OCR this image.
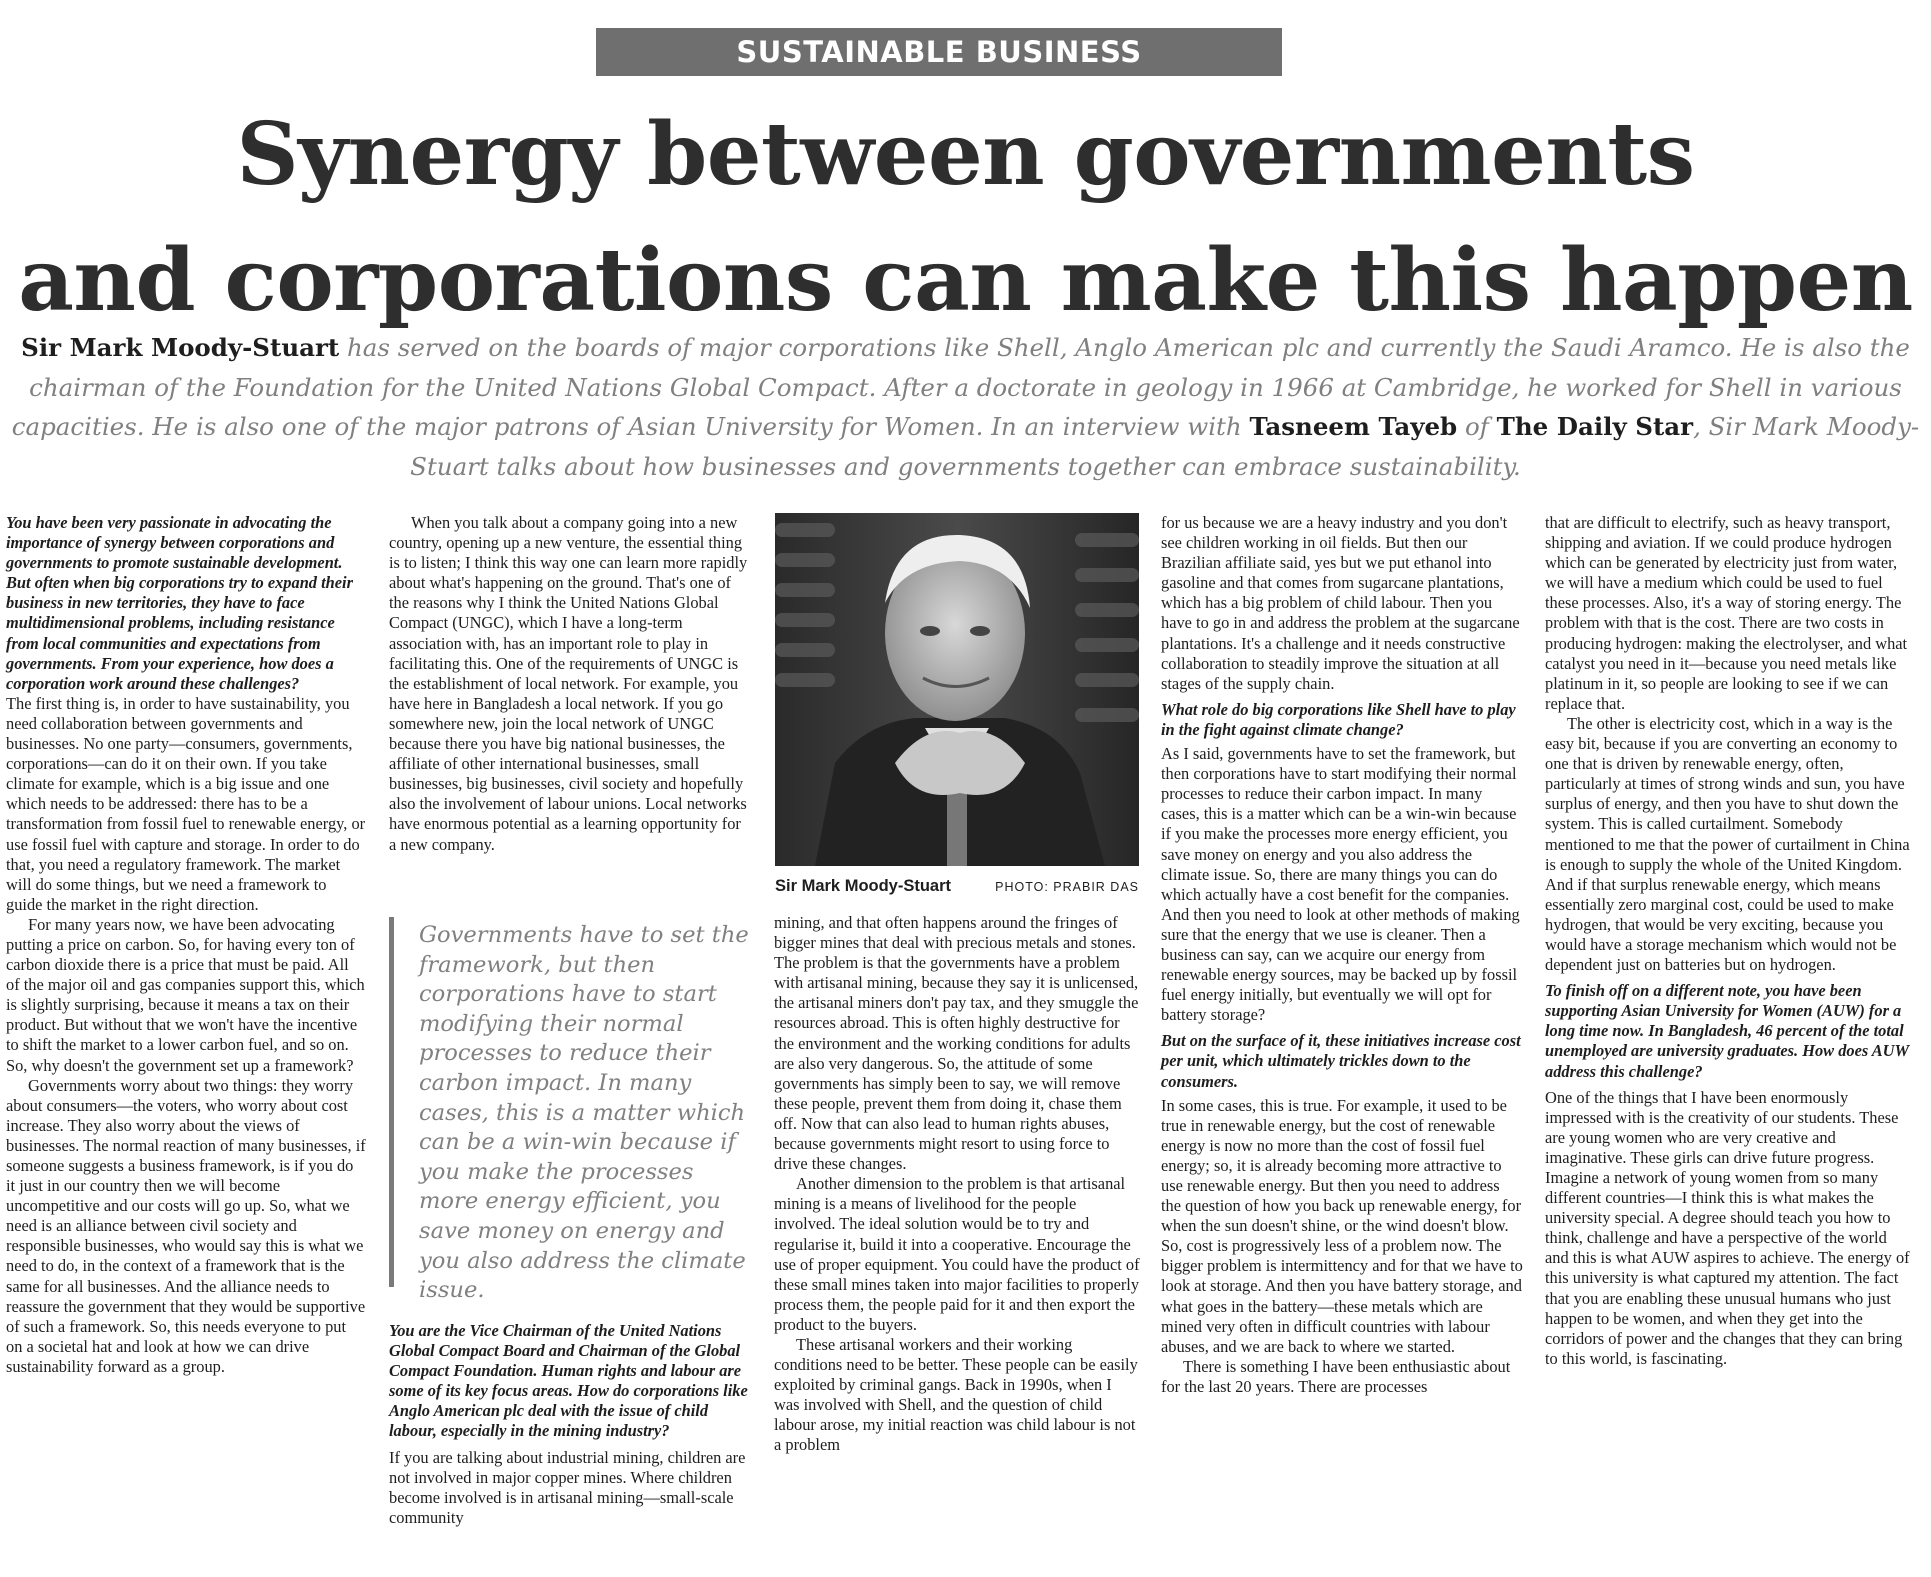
SUSTAINABLE BUSINESS
Synergy between governments
and corporations can make this happen
Sir Mark Moody-Stuart has served on the boards of major corporations like Shell, Anglo American plc and currently the Saudi Aramco. He is also the chairman of the Foundation for the United Nations Global Compact. After a doctorate in geology in 1966 at Cambridge, he worked for Shell in various capacities. He is also one of the major patrons of Asian University for Women. In an interview with Tasneem Tayeb of The Daily Star, Sir Mark Moody-Stuart talks about how businesses and governments together can embrace sustainability.

You have been very passionate in advocating the importance of synergy between corporations and governments to promote sustainable development. But often when big corporations try to expand their business in new territories, they have to face multidimensional problems, including resistance from local communities and expectations from governments. From your experience, how does a corporation work around these challenges?

The first thing is, in order to have sustainability, you need collaboration between governments and businesses. No one party—consumers, governments, corporations—can do it on their own. If you take climate for example, which is a big issue and one which needs to be addressed: there has to be a transformation from fossil fuel to renewable energy, or use fossil fuel with capture and storage. In order to do that, you need a regulatory framework. The market will do some things, but we need a framework to guide the market in the right direction.

For many years now, we have been advocating putting a price on carbon. So, for having every ton of carbon dioxide there is a price that must be paid. All of the major oil and gas companies support this, which is slightly surprising, because it means a tax on their product. But without that we won't have the incentive to shift the market to a lower carbon fuel, and so on. So, why doesn't the government set up a framework?

Governments worry about two things: they worry about consumers—the voters, who worry about cost increase. They also worry about the views of businesses. The normal reaction of many businesses, if someone suggests a business framework, is if you do it just in our country then we will become uncompetitive and our costs will go up. So, what we need is an alliance between civil society and responsible businesses, who would say this is what we need to do, in the context of a framework that is the same for all businesses. And the alliance needs to reassure the government that they would be supportive of such a framework. So, this needs everyone to put on a societal hat and look at how we can drive sustainability forward as a group.

When you talk about a company going into a new country, opening up a new venture, the essential thing is to listen; I think this way one can learn more rapidly about what's happening on the ground. That's one of the reasons why I think the United Nations Global Compact (UNGC), which I have a long-term association with, has an important role to play in facilitating this. One of the requirements of UNGC is the establishment of local network. For example, you have here in Bangladesh a local network. If you go somewhere new, join the local network of UNGC because there you have big national businesses, the affiliate of other international businesses, small businesses, big businesses, civil society and hopefully also the involvement of labour unions. Local networks have enormous potential as a learning opportunity for a new company.

Governments have to set the framework, but then corporations have to start modifying their normal processes to reduce their carbon impact. In many cases, this is a matter which can be a win-win because if you make the processes more energy efficient, you save money on energy and you also address the climate issue.

You are the Vice Chairman of the United Nations Global Compact Board and Chairman of the Global Compact Foundation. Human rights and labour are some of its key focus areas. How do corporations like Anglo American plc deal with the issue of child labour, especially in the mining industry?

If you are talking about industrial mining, children are not involved in major copper mines. Where children become involved is in artisanal mining—small-scale community

Sir Mark Moody-Stuart	PHOTO: PRABIR DAS

mining, and that often happens around the fringes of bigger mines that deal with precious metals and stones. The problem is that the governments have a problem with artisanal mining, because they say it is unlicensed, the artisanal miners don't pay tax, and they smuggle the resources abroad. This is often highly destructive for the environment and the working conditions for adults are also very dangerous. So, the attitude of some governments has simply been to say, we will remove these people, prevent them from doing it, chase them off. Now that can also lead to human rights abuses, because governments might resort to using force to drive these changes.

Another dimension to the problem is that artisanal mining is a means of livelihood for the people involved. The ideal solution would be to try and regularise it, build it into a cooperative. Encourage the use of proper equipment. You could have the product of these small mines taken into major facilities to properly process them, the people paid for it and then export the product to the buyers.

These artisanal workers and their working conditions need to be better. These people can be easily exploited by criminal gangs. Back in 1990s, when I was involved with Shell, and the question of child labour arose, my initial reaction was child labour is not a problem

for us because we are a heavy industry and you don't see children working in oil fields. But then our Brazilian affiliate said, yes but we put ethanol into gasoline and that comes from sugarcane plantations, which has a big problem of child labour. Then you have to go in and address the problem at the sugarcane plantations. It's a challenge and it needs constructive collaboration to steadily improve the situation at all stages of the supply chain.

What role do big corporations like Shell have to play in the fight against climate change?

As I said, governments have to set the framework, but then corporations have to start modifying their normal processes to reduce their carbon impact. In many cases, this is a matter which can be a win-win because if you make the processes more energy efficient, you save money on energy and you also address the climate issue. So, there are many things you can do which actually have a cost benefit for the companies. And then you need to look at other methods of making sure that the energy that we use is cleaner. Then a business can say, can we acquire our energy from renewable energy sources, may be backed up by fossil fuel energy initially, but eventually we will opt for battery storage?

But on the surface of it, these initiatives increase cost per unit, which ultimately trickles down to the consumers.

In some cases, this is true. For example, it used to be true in renewable energy, but the cost of renewable energy is now no more than the cost of fossil fuel energy; so, it is already becoming more attractive to use renewable energy. But then you need to address the question of how you back up renewable energy, for when the sun doesn't shine, or the wind doesn't blow. So, cost is progressively less of a problem now. The bigger problem is intermittency and for that we have to look at storage. And then you have battery storage, and what goes in the battery—these metals which are mined very often in difficult countries with labour abuses, and we are back to where we started.

There is something I have been enthusiastic about for the last 20 years. There are processes

that are difficult to electrify, such as heavy transport, shipping and aviation. If we could produce hydrogen which can be generated by electricity just from water, we will have a medium which could be used to fuel these processes. Also, it's a way of storing energy. The problem with that is the cost. There are two costs in producing hydrogen: making the electrolyser, and what catalyst you need in it—because you need metals like platinum in it, so people are looking to see if we can replace that.

The other is electricity cost, which in a way is the easy bit, because if you are converting an economy to one that is driven by renewable energy, often, particularly at times of strong winds and sun, you have surplus of energy, and then you have to shut down the system. This is called curtailment. Somebody mentioned to me that the power of curtailment in China is enough to supply the whole of the United Kingdom. And if that surplus renewable energy, which means essentially zero marginal cost, could be used to make hydrogen, that would be very exciting, because you would have a storage mechanism which would not be dependent just on batteries but on hydrogen.

To finish off on a different note, you have been supporting Asian University for Women (AUW) for a long time now. In Bangladesh, 46 percent of the total unemployed are university graduates. How does AUW address this challenge?

One of the things that I have been enormously impressed with is the creativity of our students. These are young women who are very creative and imaginative. These girls can drive future progress. Imagine a network of young women from so many different countries—I think this is what makes the university special. A degree should teach you how to think, challenge and have a perspective of the world and this is what AUW aspires to achieve. The energy of this university is what captured my attention. The fact that you are enabling these unusual humans who just happen to be women, and when they get into the corridors of power and the changes that they can bring to this world, is fascinating.
